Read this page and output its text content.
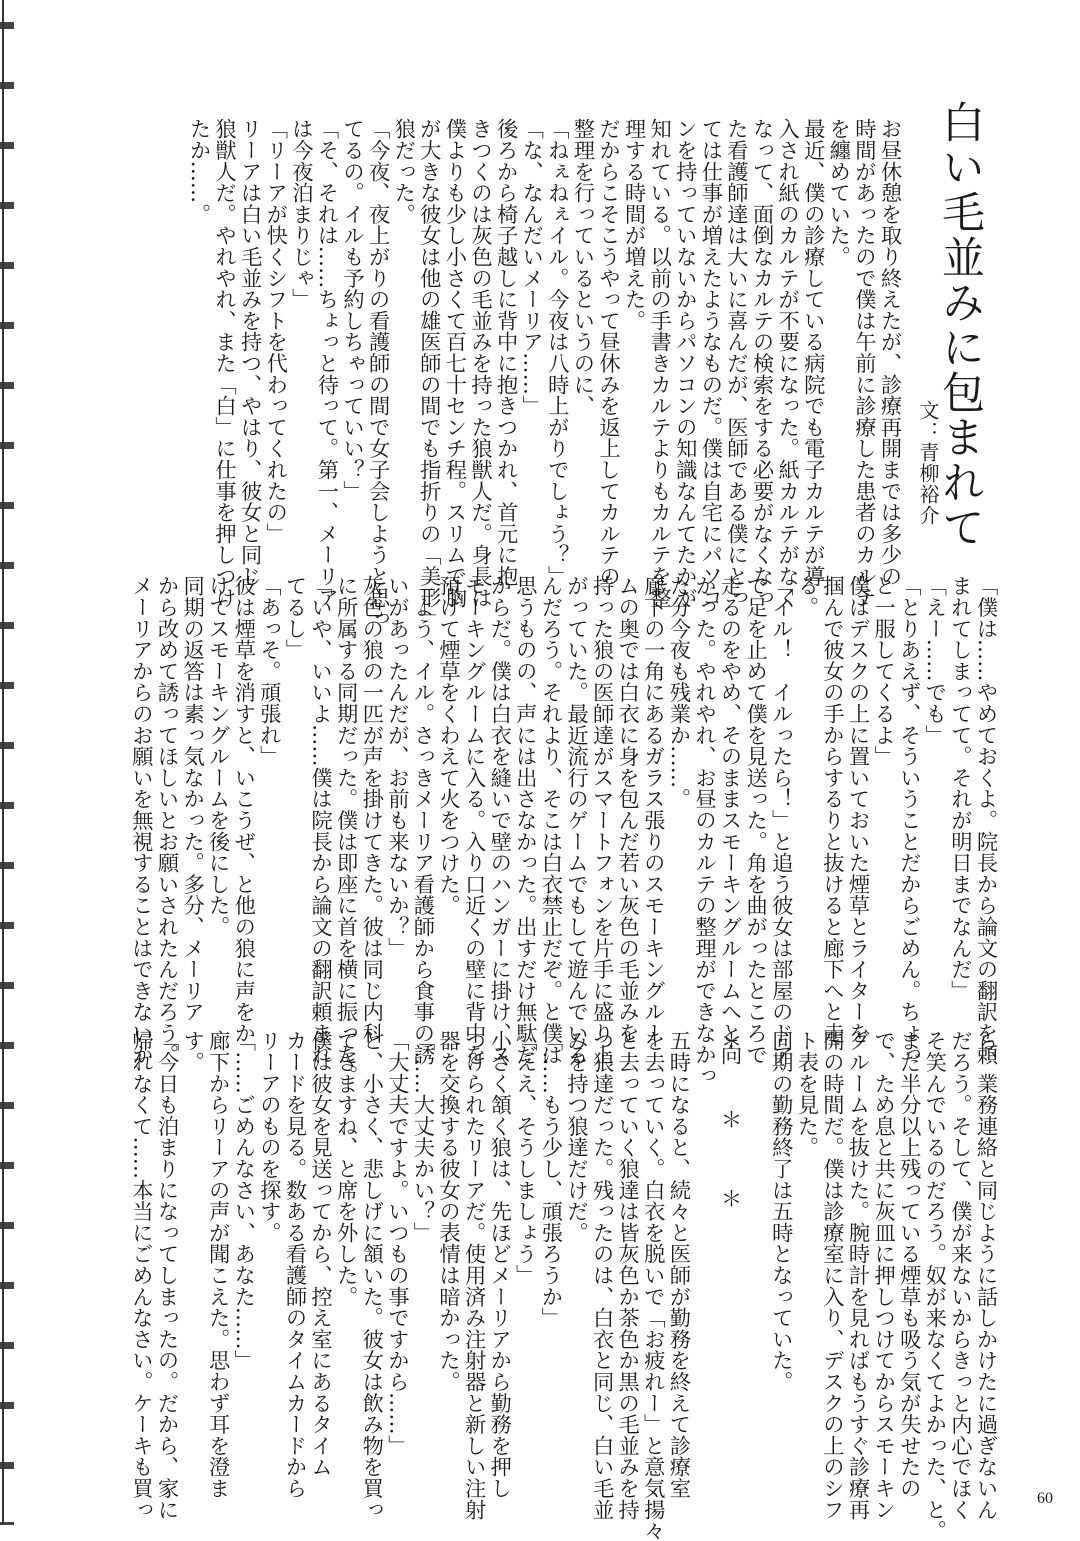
白い毛並みに包まれて
文：青柳裕介
お昼休憩を取り終えたが、診療再開までは多少の
時間があったので僕は午前に診療した患者のカルテ
を纏めていた。
最近、僕の診療している病院でも電子カルテが導
入され紙のカルテが不要になった。紙カルテがなく
なって、面倒なカルテの検索をする必要がなくなっ
た看護師達は大いに喜んだが、医師である僕にとっ
ては仕事が増えたようなものだ。僕は自宅にパソコ
ンを持っていないからパソコンの知識なんてたかが
知れている。以前の手書きカルテよりもカルテを整
理する時間が増えた。
だからこそこうやって昼休みを返上してカルテの
整理を行っているというのに、
「ねぇねぇイル。今夜は八時上がりでしょう？」
「な、なんだいメーリア……」
後ろから椅子越しに背中に抱きつかれ、首元に抱
きつくのは灰色の毛並みを持った狼獣人だ。身長は
僕よりも少し小さくて百七十センチ程。スリムで胸
が大きな彼女は他の雄医師の間でも指折りの「美形」
狼だった。
「今夜、夜上がりの看護師の間で女子会しようと思っ
てるの。イルも予約しちゃっていい？」
「そ、それは……ちょっと待って。第一、メーリア
は今夜泊まりじゃ」
「リーアが快くシフトを代わってくれたの」
リーアは白い毛並みを持つ、やはり、彼女と同じ
狼獣人だ。やれやれ、また「白」に仕事を押しつけ
たか……。
「僕は……やめておくよ。院長から論文の翻訳を頼
まれてしまってて。それが明日までなんだ」
「えー……でも」
「とりあえず、そういうことだからごめん。ちょっ
と一服してくるよ」
僕はデスクの上に置いておいた煙草とライターを
掴んで彼女の手からするりと抜けると廊下へと走
る。
「イル！　イルったら！」と追う彼女は部屋のドア
で足を止めて僕を見送った。角を曲がったところで
走るのをやめ、そのままスモーキングルームへと向
かった。やれやれ、お昼のカルテの整理ができなかっ
た分今夜も残業か……。
廊下の一角にあるガラス張りのスモーキングルー
ムの奥では白衣に身を包んだ若い灰色の毛並みを
持った狼の医師達がスマートフォンを片手に盛り上
がっていた。最近流行のゲームでもして遊んでいる
んだろう。それより、そこは白衣禁止だぞ。と僕は
思うものの、声には出さなかった。出すだけ無駄だ
からだ。僕は白衣を縫いで壁のハンガーに掛け、ス
モーキングルームに入る。入り口近くの壁に背中を
預けて煙草をくわえて火をつけた。
「よう、イル。さっきメーリア看護師から食事の誘
いがあったんだが、お前も来ないか？」
灰色の狼の一匹が声を掛けてきた。彼は同じ内科
に所属する同期だった。僕は即座に首を横に振った。
「いや、いいよ……僕は院長から論文の翻訳頼まれ
てるし」
「あっそ。頑張れ」
彼は煙草を消すと、いこうぜ、と他の狼に声をか
けてスモーキングルームを後にした。
同期の返答は素っ気なかった。多分、メーリア
から改めて誘ってほしいとお願いされたんだろう。
メーリアからのお願いを無視することはできないか
ら、業務連絡と同じように話しかけたに過ぎないん
だろう。そして、僕が来ないからきっと内心でほく
そ笑んでいるのだろう。奴が来なくてよかった、と。
まだ半分以上残っている煙草も吸う気が失せたの
で、ため息と共に灰皿に押しつけてからスモーキン
グルームを抜けた。腕時計を見ればもうすぐ診療再
開の時間だ。僕は診療室に入り、デスクの上のシフ
ト表を見た。
同期の勤務終了は五時となっていた。

＊　＊　＊

五時になると、続々と医師が勤務を終えて診療室
を去っていく。白衣を脱いで「お疲れー」と意気揚々
と去っていく狼達は皆灰色か茶色か黒の毛並みを持
つ狼達だった。残ったのは、白衣と同じ、白い毛並
みを持つ狼達だけだ。
「……もう少し、頑張ろうか」
「ええ、そうしましょう」
小さく頷く狼は、先ほどメーリアから勤務を押し
つけられたリーアだ。使用済み注射器と新しい注射
器を交換する彼女の表情は暗かった。
「……大丈夫かい？」
「大丈夫ですよ。いつもの事ですから……」
と、小さく、悲しげに頷いた。彼女は飲み物を買っ
てきますね、と席を外した。
僕は彼女を見送ってから、控え室にあるタイム
カードを見る。数ある看護師のタイムカードから
リーアのものを探す。
「……ごめんなさい、あなた……」
廊下からリーアの声が聞こえた。思わず耳を澄ま
す。
「今日も泊まりになってしまったの。だから、家に
帰れなくて……本当にごめんなさい。ケーキも買っ	60
